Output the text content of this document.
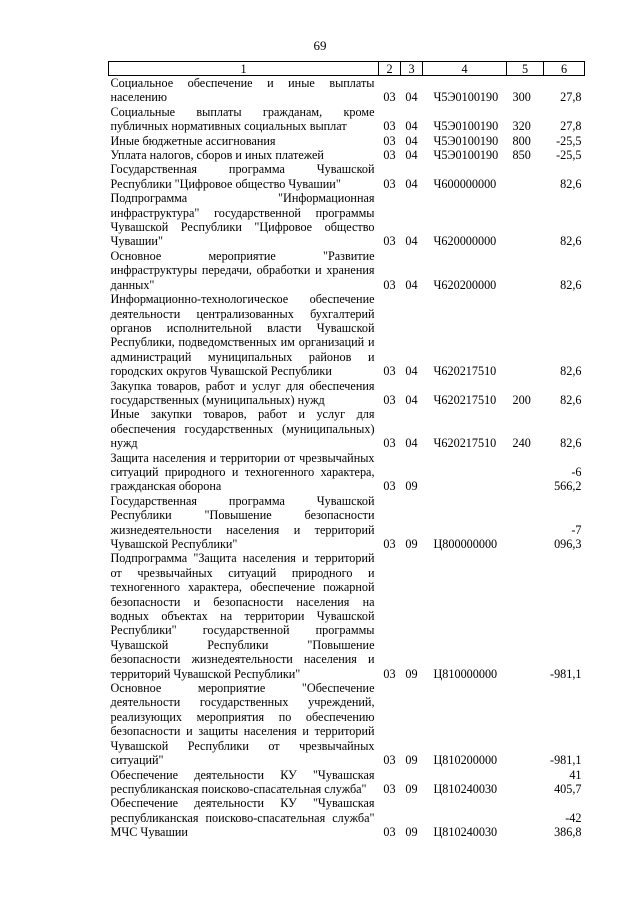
69
1	2	3	4	5	6
Социальное обеспечение и иные выплаты населению	03	04	Ч5Э0100190	300	27,8
Социальные выплаты гражданам, кроме публичных нормативных социальных выплат	03	04	Ч5Э0100190	320	27,8
Иные бюджетные ассигнования	03	04	Ч5Э0100190	800	-25,5
Уплата налогов, сборов и иных платежей	03	04	Ч5Э0100190	850	-25,5
Государственная программа Чувашской Республики "Цифровое общество Чувашии"	03	04	Ч600000000		82,6
Подпрограмма "Информационная инфраструктура" государственной программы Чувашской Республики "Цифровое общество Чувашии"	03	04	Ч620000000		82,6
Основное мероприятие "Развитие инфраструктуры передачи, обработки и хранения данных"	03	04	Ч620200000		82,6
Информационно-технологическое обеспечение деятельности централизованных бухгалтерий органов исполнительной власти Чувашской Республики, подведомственных им организаций и администраций муниципальных районов и городских округов Чувашской Республики	03	04	Ч620217510		82,6
Закупка товаров, работ и услуг для обеспечения государственных (муниципальных) нужд	03	04	Ч620217510	200	82,6
Иные закупки товаров, работ и услуг для обеспечения государственных (муниципальных) нужд	03	04	Ч620217510	240	82,6
Защита населения и территории от чрезвычайных ситуаций природного и техногенного характера, гражданская оборона	03	09			-6 566,2
Государственная программа Чувашской Республики "Повышение безопасности жизнедеятельности населения и территорий Чувашской Республики"	03	09	Ц800000000		-7 096,3
Подпрограмма "Защита населения и территорий от чрезвычайных ситуаций природного и техногенного характера, обеспечение пожарной безопасности и безопасности населения на водных объектах на территории Чувашской Республики" государственной программы Чувашской Республики "Повышение безопасности жизнедеятельности населения и территорий Чувашской Республики"	03	09	Ц810000000		-981,1
Основное мероприятие "Обеспечение деятельности государственных учреждений, реализующих мероприятия по обеспечению безопасности и защиты населения и территорий Чувашской Республики от чрезвычайных ситуаций"	03	09	Ц810200000		-981,1
Обеспечение деятельности КУ "Чувашская республиканская поисково-спасательная служба"	03	09	Ц810240030		41 405,7
Обеспечение деятельности КУ "Чувашская республиканская поисково-спасательная служба" МЧС Чувашии	03	09	Ц810240030		-42 386,8
